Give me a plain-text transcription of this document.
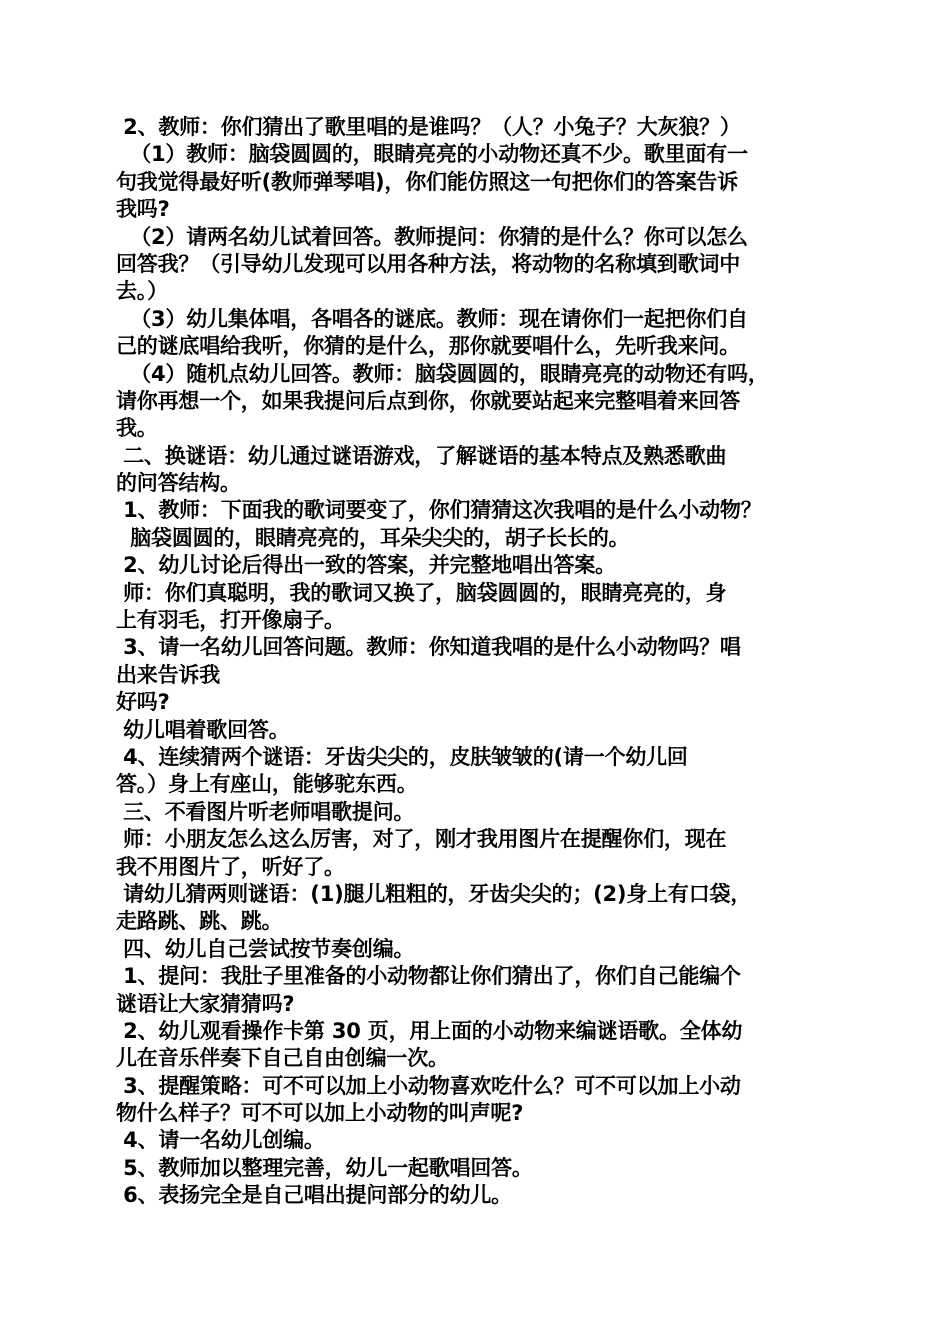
2、教师：你们猜出了歌里唱的是谁吗？（人？小兔子？大灰狼？）
（1）教师：脑袋圆圆的，眼睛亮亮的小动物还真不少。歌里面有一
句我觉得最好听(教师弹琴唱)，你们能仿照这一句把你们的答案告诉
我吗?
（2）请两名幼儿试着回答。教师提问：你猜的是什么？你可以怎么
回答我？（引导幼儿发现可以用各种方法，将动物的名称填到歌词中
去。）
（3）幼儿集体唱，各唱各的谜底。教师：现在请你们一起把你们自
己的谜底唱给我听，你猜的是什么，那你就要唱什么，先听我来问。
（4）随机点幼儿回答。教师：脑袋圆圆的，眼睛亮亮的动物还有吗，
请你再想一个，如果我提问后点到你，你就要站起来完整唱着来回答
我。
二、换谜语：幼儿通过谜语游戏，了解谜语的基本特点及熟悉歌曲
的问答结构。
1、教师：下面我的歌词要变了，你们猜猜这次我唱的是什么小动物？
脑袋圆圆的，眼睛亮亮的，耳朵尖尖的，胡子长长的。
2、幼儿讨论后得出一致的答案，并完整地唱出答案。
师：你们真聪明，我的歌词又换了，脑袋圆圆的，眼睛亮亮的，身
上有羽毛，打开像扇子。
3、请一名幼儿回答问题。教师：你知道我唱的是什么小动物吗？唱
出来告诉我
好吗?
幼儿唱着歌回答。
4、连续猜两个谜语：牙齿尖尖的，皮肤皱皱的(请一个幼儿回
答。）身上有座山，能够驼东西。
三、不看图片听老师唱歌提问。
师：小朋友怎么这么厉害，对了，刚才我用图片在提醒你们，现在
我不用图片了，听好了。
请幼儿猜两则谜语：(1)腿儿粗粗的，牙齿尖尖的；(2)身上有口袋，
走路跳、跳、跳。
四、幼儿自己尝试按节奏创编。
1、提问：我肚子里准备的小动物都让你们猜出了，你们自己能编个
谜语让大家猜猜吗?
2、幼儿观看操作卡第 30 页，用上面的小动物来编谜语歌。全体幼
儿在音乐伴奏下自己自由创编一次。
3、提醒策略：可不可以加上小动物喜欢吃什么？可不可以加上小动
物什么样子？可不可以加上小动物的叫声呢?
4、请一名幼儿创编。
5、教师加以整理完善，幼儿一起歌唱回答。
6、表扬完全是自己唱出提问部分的幼儿。
